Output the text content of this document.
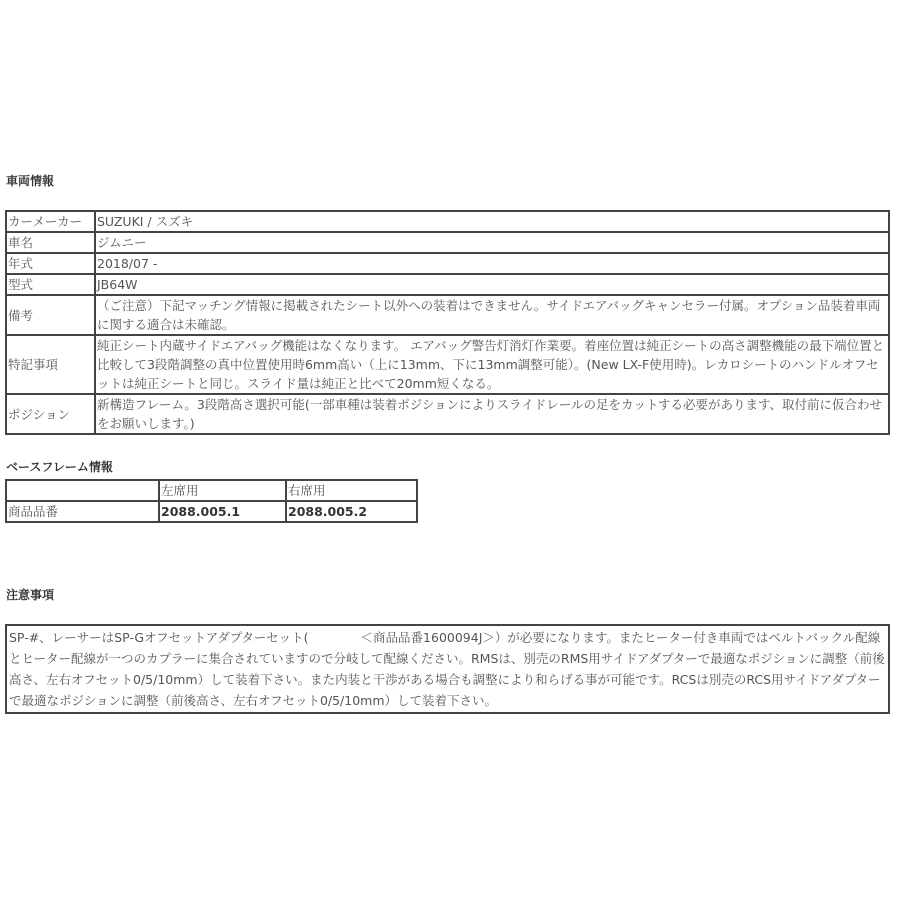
車両情報
カーメーカー	SUZUKI / スズキ
車名	ジムニー
年式	2018/07 -
型式	JB64W
備考	（ご注意）下記マッチング情報に掲載されたシート以外への装着はできません。サイドエアバッグキャンセラー付属。オプション品装着車両に関する適合は未確認。
特記事項	純正シート内蔵サイドエアバッグ機能はなくなります。 エアバッグ警告灯消灯作業要。着座位置は純正シートの高さ調整機能の最下端位置と比較して3段階調整の真中位置使用時6mm高い（上に13mm、下に13mm調整可能）。(New LX-F使用時)。レカロシートのハンドルオフセットは純正シートと同じ。スライド量は純正と比べて20mm短くなる。
ポジション	新構造フレーム。3段階高さ選択可能(一部車種は装着ポジションによりスライドレールの足をカットする必要があります、取付前に仮合わせをお願いします。)
ベースフレーム情報
	左席用	右席用
商品品番	2088.005.1	2088.005.2
注意事項
SP-#、レーサーはSP-Gオフセットアダプターセット(	＜商品品番1600094J＞）が必要になります。またヒーター付き車両ではベルトバックル配線とヒーター配線が一つのカプラーに集合されていますので分岐して配線ください。RMSは、別売のRMS用サイドアダプターで最適なポジションに調整（前後高さ、左右オフセット0/5/10mm）して装着下さい。また内装と干渉がある場合も調整により和らげる事が可能です。RCSは別売のRCS用サイドアダプターで最適なポジションに調整（前後高さ、左右オフセット0/5/10mm）して装着下さい。
